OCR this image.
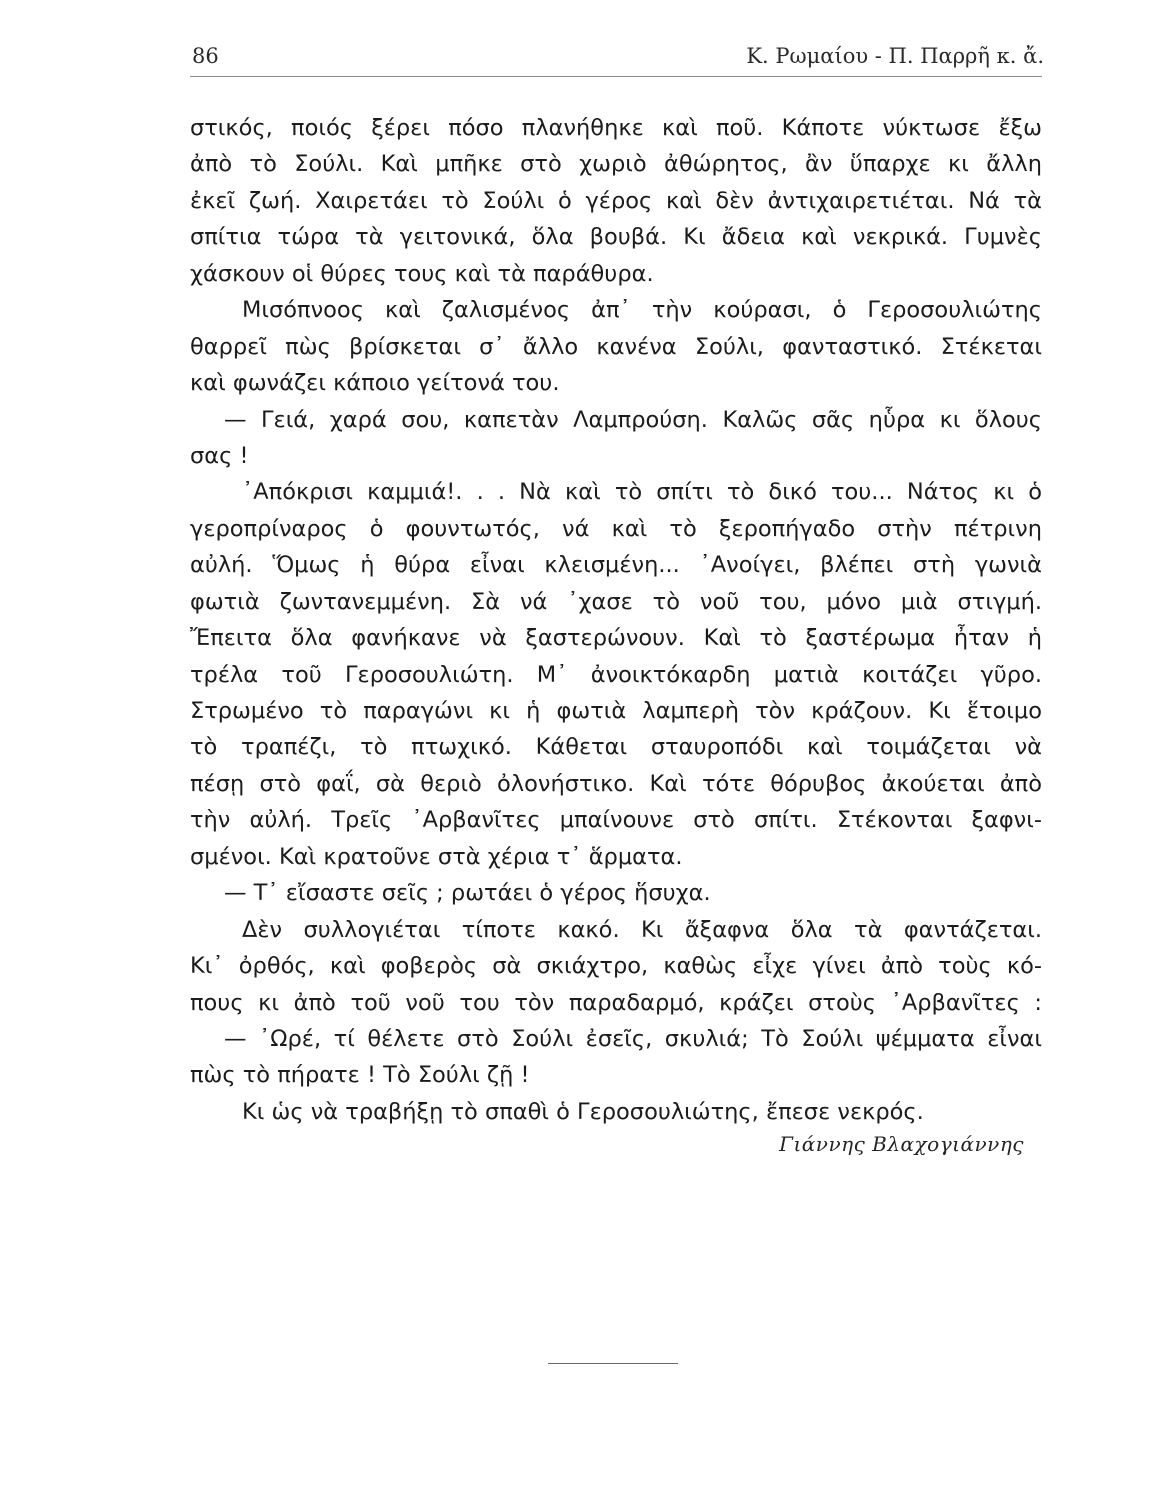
86	Κ. Ρωμαίου - Π. Παρρῆ κ. ἄ.
στικός, ποιός ξέρει πόσο πλανήθηκε καὶ ποῦ. Κάποτε νύκτωσε ἔξω
ἀπὸ τὸ Σούλι. Καὶ μπῆκε στὸ χωριὸ ἀθώρητος, ἂν ὕπαρχε κι ἄλλη
ἐκεῖ ζωή. Χαιρετάει τὸ Σούλι ὁ γέρος καὶ δὲν ἀντιχαιρετιέται. Νά τὰ
σπίτια τώρα τὰ γειτονικά, ὅλα βουβά. Κι ἄδεια καὶ νεκρικά. Γυμνὲς
χάσκουν οἱ θύρες τους καὶ τὰ παράθυρα.
Μισόπνοος καὶ ζαλισμένος ἀπ᾽ τὴν κούρασι, ὁ Γεροσουλιώτης
θαρρεῖ πὼς βρίσκεται σ᾽ ἄλλο κανένα Σούλι, φανταστικό. Στέκεται
καὶ φωνάζει κάποιο γείτονά του.
— Γειά, χαρά σου, καπετὰν Λαμπρούση. Καλῶς σᾶς ηὗρα κι ὅλους
σας !
᾽Απόκρισι καμμιά!. . . Νὰ καὶ τὸ σπίτι τὸ δικό του... Νάτος κι ὁ
γεροπρίναρος ὁ φουντωτός, νά καὶ τὸ ξεροπήγαδο στὴν πέτρινη
αὐλή. Ὅμως ἡ θύρα εἶναι κλεισμένη... ᾽Ανοίγει, βλέπει στὴ γωνιὰ
φωτιὰ ζωντανεμμένη. Σὰ νά ᾽χασε τὸ νοῦ του, μόνο μιὰ στιγμή.
Ἔπειτα ὅλα φανήκανε νὰ ξαστερώνουν. Καὶ τὸ ξαστέρωμα ἦταν ἡ
τρέλα τοῦ Γεροσουλιώτη. Μ᾽ ἀνοικτόκαρδη ματιὰ κοιτάζει γῦρο.
Στρωμένο τὸ παραγώνι κι ἡ φωτιὰ λαμπερὴ τὸν κράζουν. Κι ἕτοιμο
τὸ τραπέζι, τὸ πτωχικό. Κάθεται σταυροπόδι καὶ τοιμάζεται νὰ
πέσῃ στὸ φαΐ, σὰ θεριὸ ὀλονήστικο. Καὶ τότε θόρυβος ἀκούεται ἀπὸ
τὴν αὐλή. Τρεῖς ᾽Αρβανῖτες μπαίνουνε στὸ σπίτι. Στέκονται ξαφνι-
σμένοι. Καὶ κρατοῦνε στὰ χέρια τ᾽ ἅρματα.
— Τ᾽ εἴσαστε σεῖς ; ρωτάει ὁ γέρος ἥσυχα.
Δὲν συλλογιέται τίποτε κακό. Κι ἄξαφνα ὅλα τὰ φαντάζεται.
Κι᾽ ὀρθός, καὶ φοβερὸς σὰ σκιάχτρο, καθὼς εἶχε γίνει ἀπὸ τοὺς κό-
πους κι ἀπὸ τοῦ νοῦ του τὸν παραδαρμό, κράζει στοὺς ᾽Αρβανῖτες :
— ᾽Ωρέ, τί θέλετε στὸ Σούλι ἐσεῖς, σκυλιά; Τὸ Σούλι ψέμματα εἶναι
πὼς τὸ πήρατε ! Τὸ Σούλι ζῇ !
Κι ὡς νὰ τραβήξῃ τὸ σπαθὶ ὁ Γεροσουλιώτης, ἔπεσε νεκρός.
Γιάννης Βλαχογιάννης
